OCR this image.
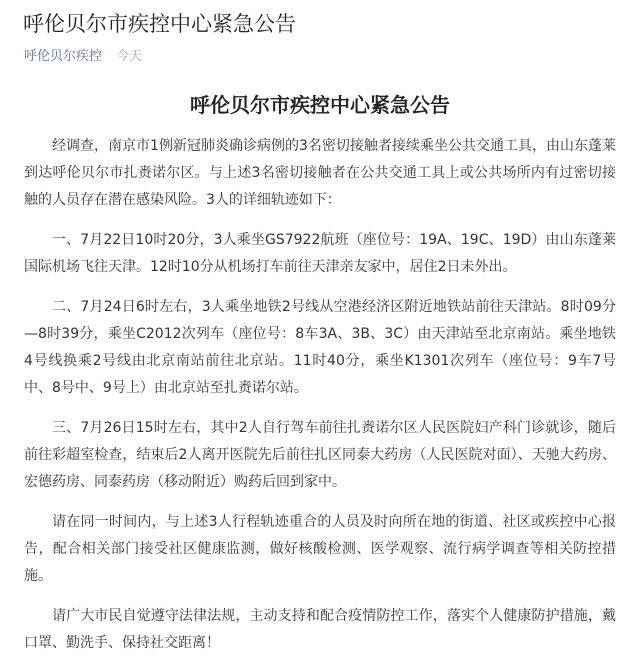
呼伦贝尔市疾控中心紧急公告
呼伦贝尔疾控 今天
呼伦贝尔市疾控中心紧急公告

经调查，南京市1例新冠肺炎确诊病例的3名密切接触者接续乘坐公共交通工具，由山东蓬莱到达呼伦贝尔市扎赉诺尔区。与上述3名密切接触者在公共交通工具上或公共场所内有过密切接触的人员存在潜在感染风险。3人的详细轨迹如下：

一、7月22日10时20分，3人乘坐GS7922航班（座位号：19A、19C、19D）由山东蓬莱国际机场飞往天津。12时10分从机场打车前往天津亲友家中，居住2日未外出。

二、7月24日6时左右，3人乘坐地铁2号线从空港经济区附近地铁站前往天津站。8时09分—8时39分，乘坐C2012次列车（座位号：8车3A、3B、3C）由天津站至北京南站。乘坐地铁4号线换乘2号线由北京南站前往北京站。11时40分，乘坐K1301次列车（座位号：9车7号中、8号中、9号上）由北京站至扎赉诺尔站。

三、7月26日15时左右，其中2人自行驾车前往扎赉诺尔区人民医院妇产科门诊就诊，随后前往彩超室检查，结束后2人离开医院先后前往扎区同泰大药房（人民医院对面）、天驰大药房、宏德药房、同泰药房（移动附近）购药后回到家中。

请在同一时间内，与上述3人行程轨迹重合的人员及时向所在地的街道、社区或疾控中心报告，配合相关部门接受社区健康监测，做好核酸检测、医学观察、流行病学调查等相关防控措施。

请广大市民自觉遵守法律法规，主动支持和配合疫情防控工作，落实个人健康防护措施，戴口罩、勤洗手、保持社交距离！
